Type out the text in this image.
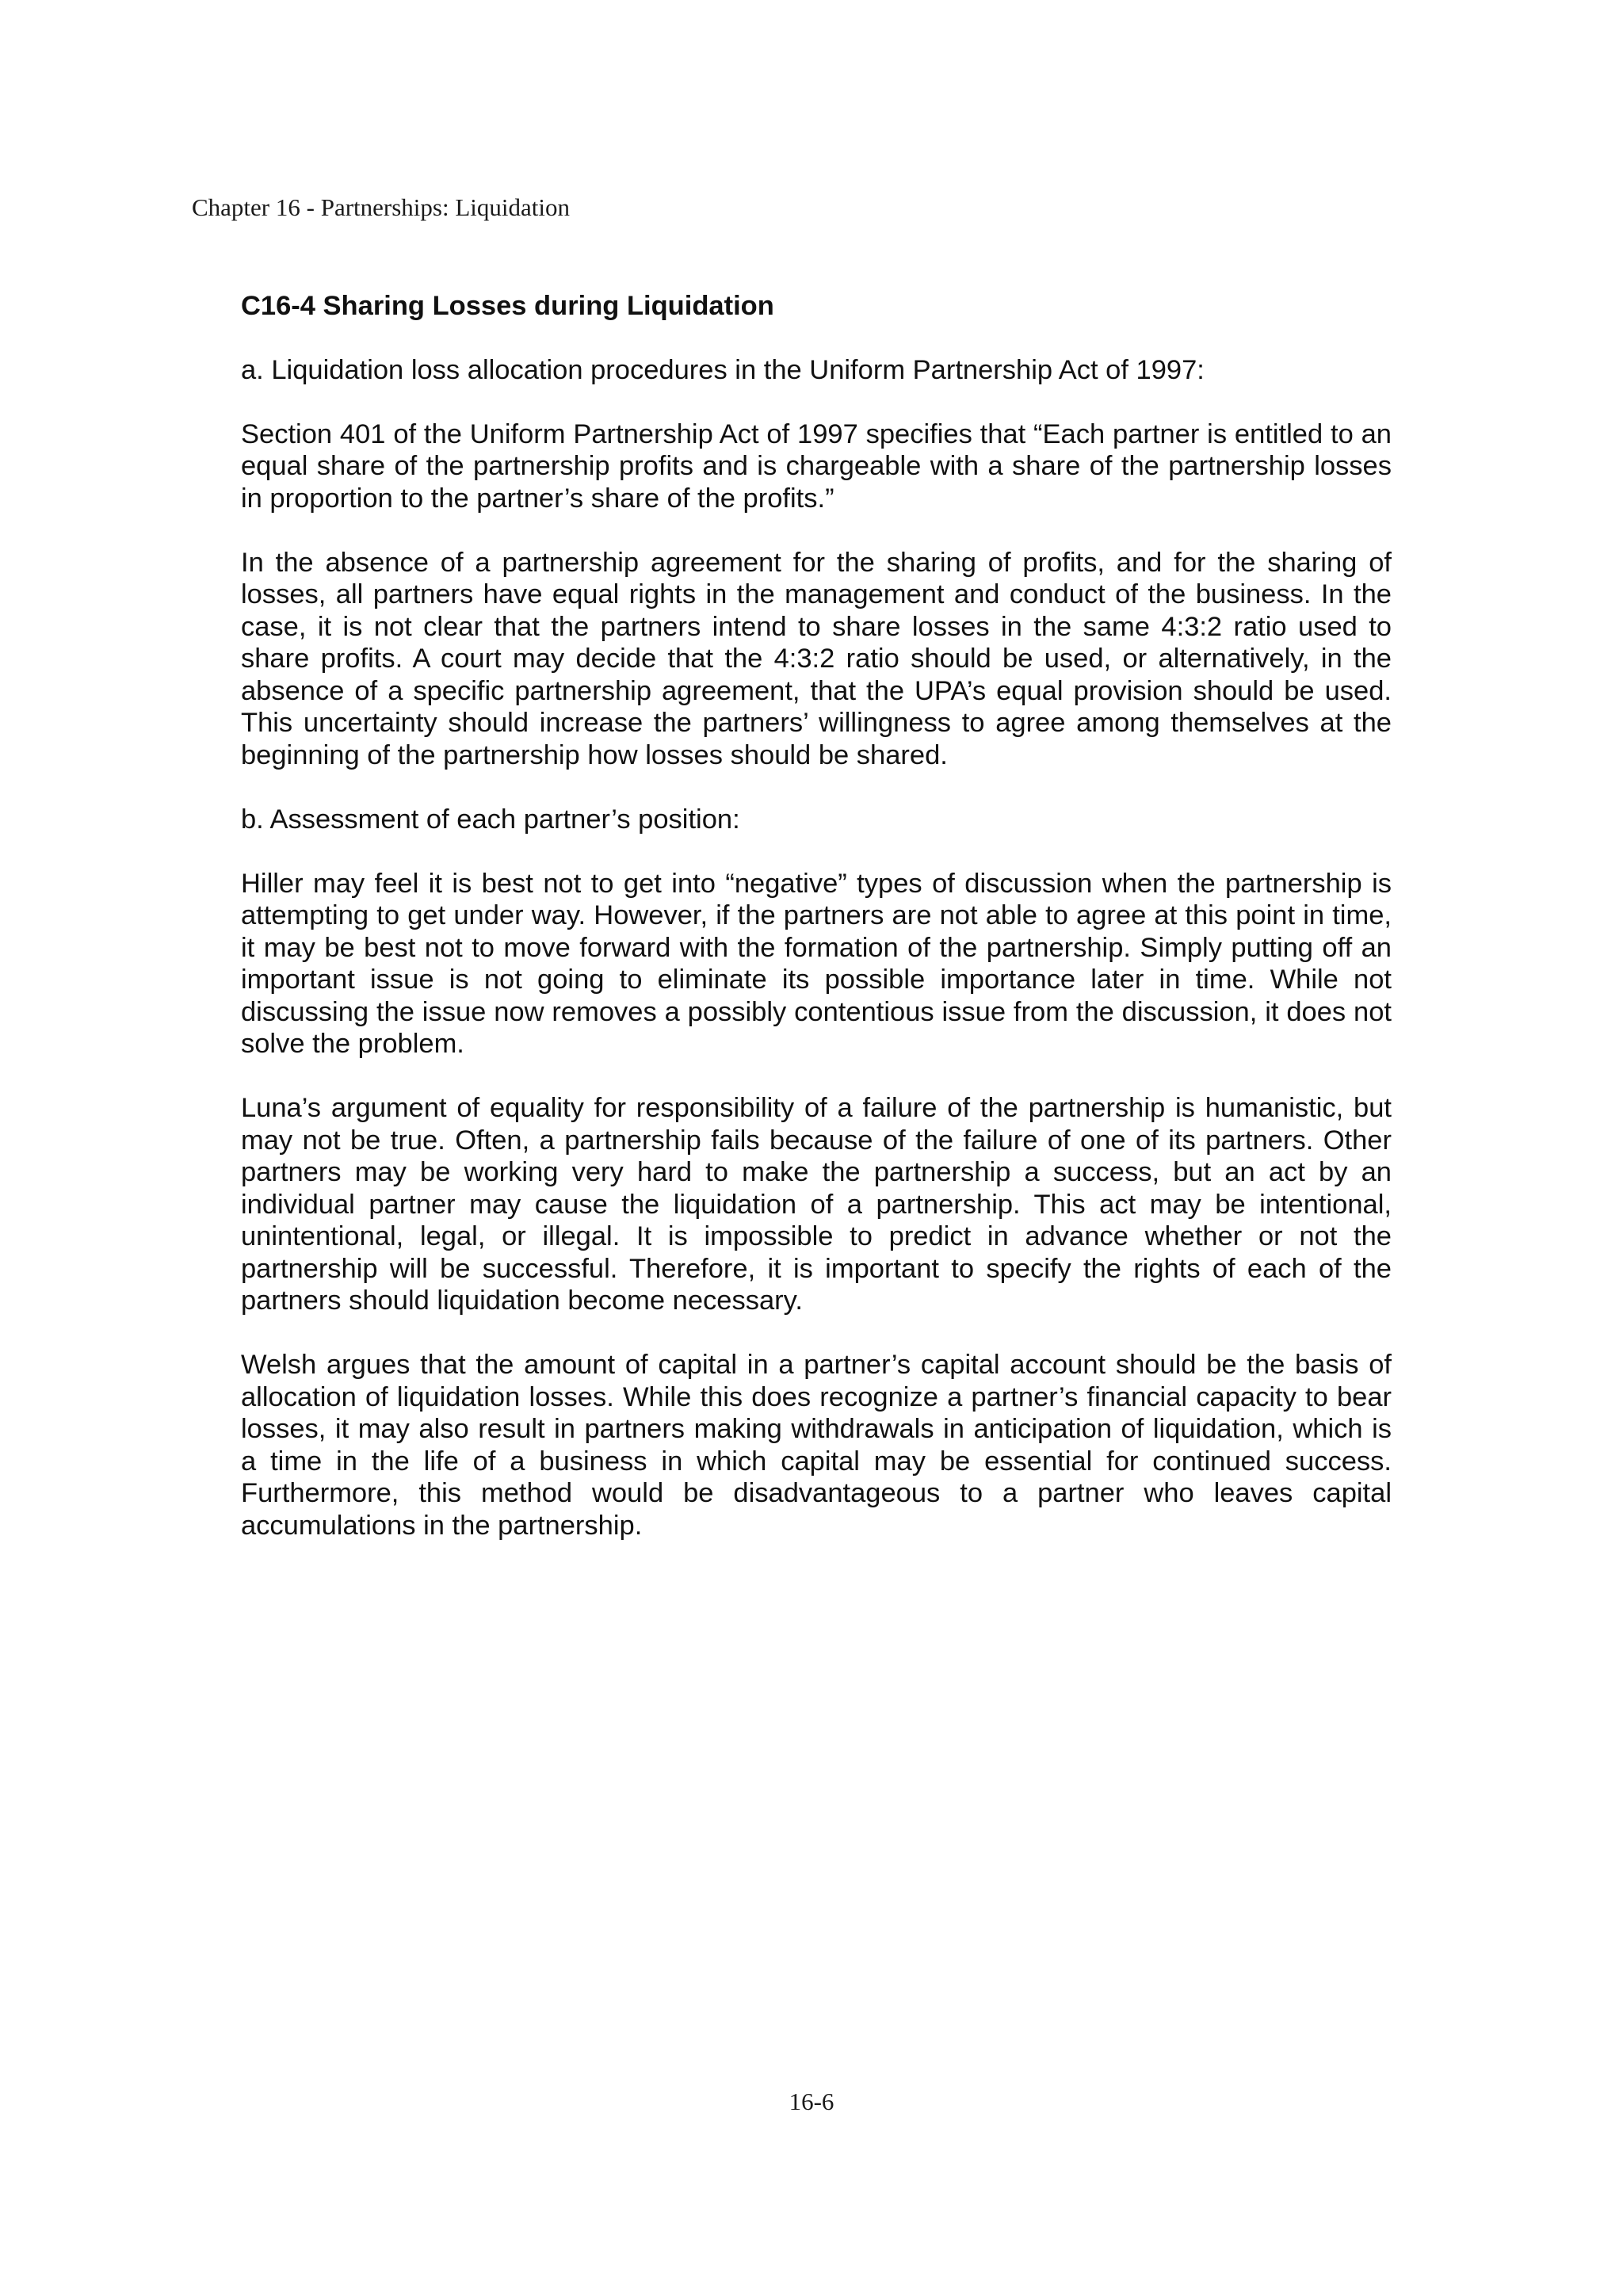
Chapter 16 - Partnerships: Liquidation
C16-4 Sharing Losses during Liquidation
a. Liquidation loss allocation procedures in the Uniform Partnership Act of 1997:

Section 401 of the Uniform Partnership Act of 1997 specifies that “Each partner is entitled to an equal share of the partnership profits and is chargeable with a share of the partnership losses in proportion to the partner’s share of the profits.”

In the absence of a partnership agreement for the sharing of profits, and for the sharing of losses, all partners have equal rights in the management and conduct of the business. In the case, it is not clear that the partners intend to share losses in the same 4:3:2 ratio used to share profits. A court may decide that the 4:3:2 ratio should be used, or alternatively, in the absence of a specific partnership agreement, that the UPA’s equal provision should be used. This uncertainty should increase the partners’ willingness to agree among themselves at the beginning of the partnership how losses should be shared.

b. Assessment of each partner’s position:

Hiller may feel it is best not to get into “negative” types of discussion when the partnership is attempting to get under way. However, if the partners are not able to agree at this point in time, it may be best not to move forward with the formation of the partnership. Simply putting off an important issue is not going to eliminate its possible importance later in time. While not discussing the issue now removes a possibly contentious issue from the discussion, it does not solve the problem.

Luna’s argument of equality for responsibility of a failure of the partnership is humanistic, but may not be true. Often, a partnership fails because of the failure of one of its partners. Other partners may be working very hard to make the partnership a success, but an act by an individual partner may cause the liquidation of a partnership. This act may be intentional, unintentional, legal, or illegal. It is impossible to predict in advance whether or not the partnership will be successful. Therefore, it is important to specify the rights of each of the partners should liquidation become necessary.

Welsh argues that the amount of capital in a partner’s capital account should be the basis of allocation of liquidation losses. While this does recognize a partner’s financial capacity to bear losses, it may also result in partners making withdrawals in anticipation of liquidation, which is a time in the life of a business in which capital may be essential for continued success. Furthermore, this method would be disadvantageous to a partner who leaves capital accumulations in the partnership.

16-6
